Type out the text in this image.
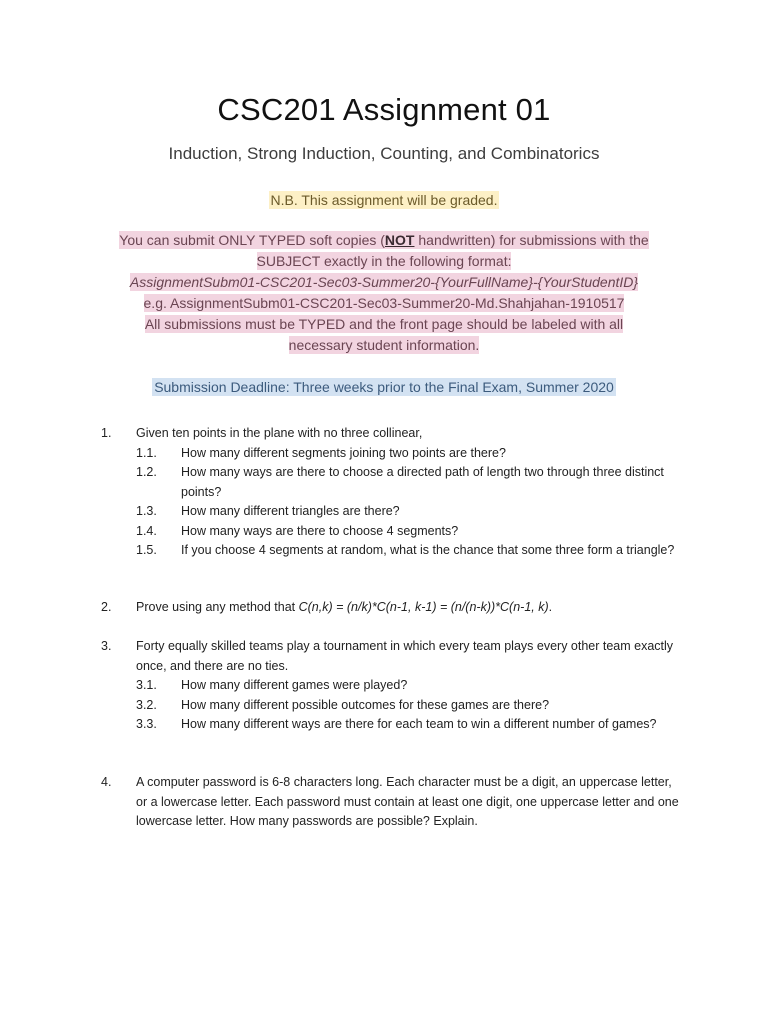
CSC201 Assignment 01
Induction, Strong Induction, Counting, and Combinatorics
N.B. This assignment will be graded.
You can submit ONLY TYPED soft copies (NOT handwritten) for submissions with the
SUBJECT exactly in the following format:
AssignmentSubm01-CSC201-Sec03-Summer20-{YourFullName}-{YourStudentID}
e.g. AssignmentSubm01-CSC201-Sec03-Summer20-Md.Shahjahan-1910517
All submissions must be TYPED and the front page should be labeled with all
necessary student information.
Submission Deadline: Three weeks prior to the Final Exam, Summer 2020
1. Given ten points in the plane with no three collinear,
1.1. How many different segments joining two points are there?
1.2. How many ways are there to choose a directed path of length two through three distinct points?
1.3. How many different triangles are there?
1.4. How many ways are there to choose 4 segments?
1.5. If you choose 4 segments at random, what is the chance that some three form a triangle?
2. Prove using any method that C(n,k) = (n/k)*C(n-1, k-1) = (n/(n-k))*C(n-1, k).
3. Forty equally skilled teams play a tournament in which every team plays every other team exactly once, and there are no ties.
3.1. How many different games were played?
3.2. How many different possible outcomes for these games are there?
3.3. How many different ways are there for each team to win a different number of games?
4. A computer password is 6-8 characters long. Each character must be a digit, an uppercase letter, or a lowercase letter. Each password must contain at least one digit, one uppercase letter and one lowercase letter. How many passwords are possible? Explain.
